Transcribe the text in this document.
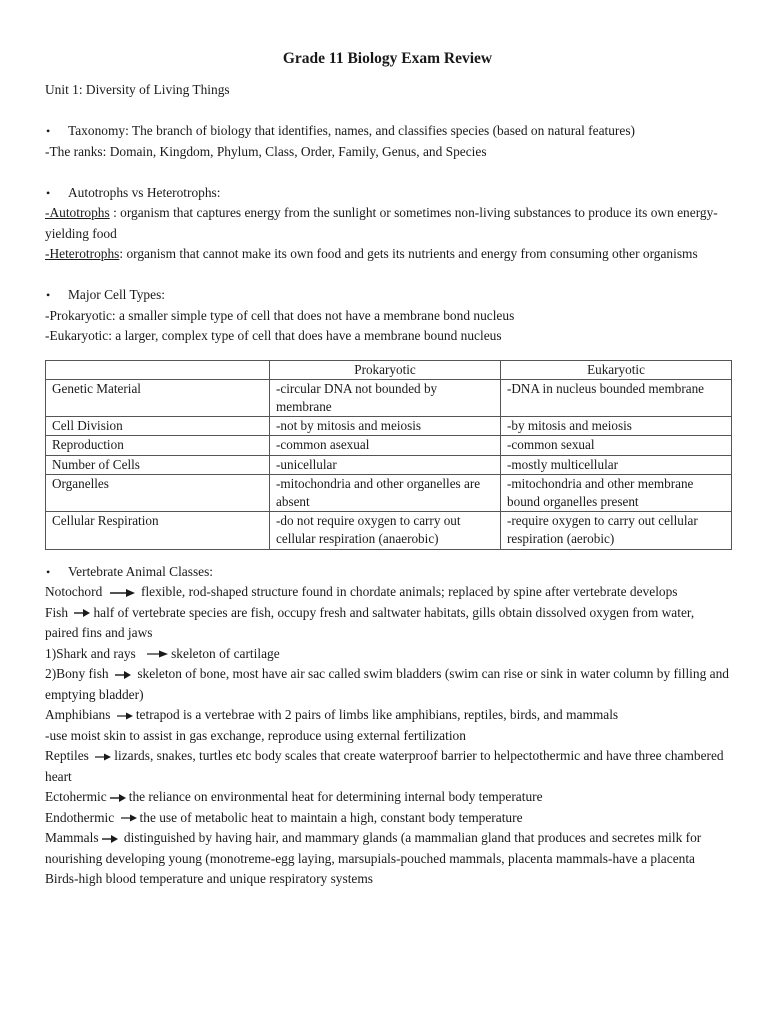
Grade 11 Biology Exam Review

Unit 1: Diversity of Living Things

• Taxonomy: The branch of biology that identifies, names, and classifies species (based on natural features)

-The ranks: Domain, Kingdom, Phylum, Class, Order, Family, Genus, and Species

• Autotrophs vs Heterotrophs:

-Autotrophs : organism that captures energy from the sunlight or sometimes non-living substances to produce its own energy-yielding food

-Heterotrophs: organism that cannot make its own food and gets its nutrients and energy from consuming other organisms

• Major Cell Types:

-Prokaryotic: a smaller simple type of cell that does not have a membrane bond nucleus

-Eukaryotic: a larger, complex type of cell that does have a membrane bound nucleus

	Prokaryotic	Eukaryotic
Genetic Material	-circular DNA not bounded by membrane	-DNA in nucleus bounded membrane
Cell Division	-not by mitosis and meiosis	-by mitosis and meiosis
Reproduction	-common asexual	-common sexual
Number of Cells	-unicellular	-mostly multicellular
Organelles	-mitochondria and other organelles are absent	-mitochondria and other membrane bound organelles present
Cellular Respiration	-do not require oxygen to carry out cellular respiration (anaerobic)	-require oxygen to carry out cellular respiration (aerobic)

• Vertebrate Animal Classes:

Notochord	flexible, rod-shaped structure found in chordate animals; replaced by spine after vertebrate develops

Fish half of vertebrate species are fish, occupy fresh and saltwater habitats, gills obtain dissolved oxygen from water, paired fins and jaws

1)Shark and rays	skeleton of cartilage

2)Bony fish  skeleton of bone, most have air sac called swim bladders (swim can rise or sink in water column by filling and emptying bladder)

Amphibians tetrapod is a vertebrae with 2 pairs of limbs like amphibians, reptiles, birds, and mammals

-use moist skin to assist in gas exchange, reproduce using external fertilization

Reptiles lizards, snakes, turtles etc body scales that create waterproof barrier to helpectothermic and have three chambered heart

Ectohermic the reliance on environmental heat for determining internal body temperature

Endothermic the use of metabolic heat to maintain a high, constant body temperature

Mammals distinguished by having hair, and mammary glands (a mammalian gland that produces and secretes milk for nourishing developing young (monotreme-egg laying, marsupials-pouched mammals, placenta mammals-have a placenta

Birds-high blood temperature and unique respiratory systems
